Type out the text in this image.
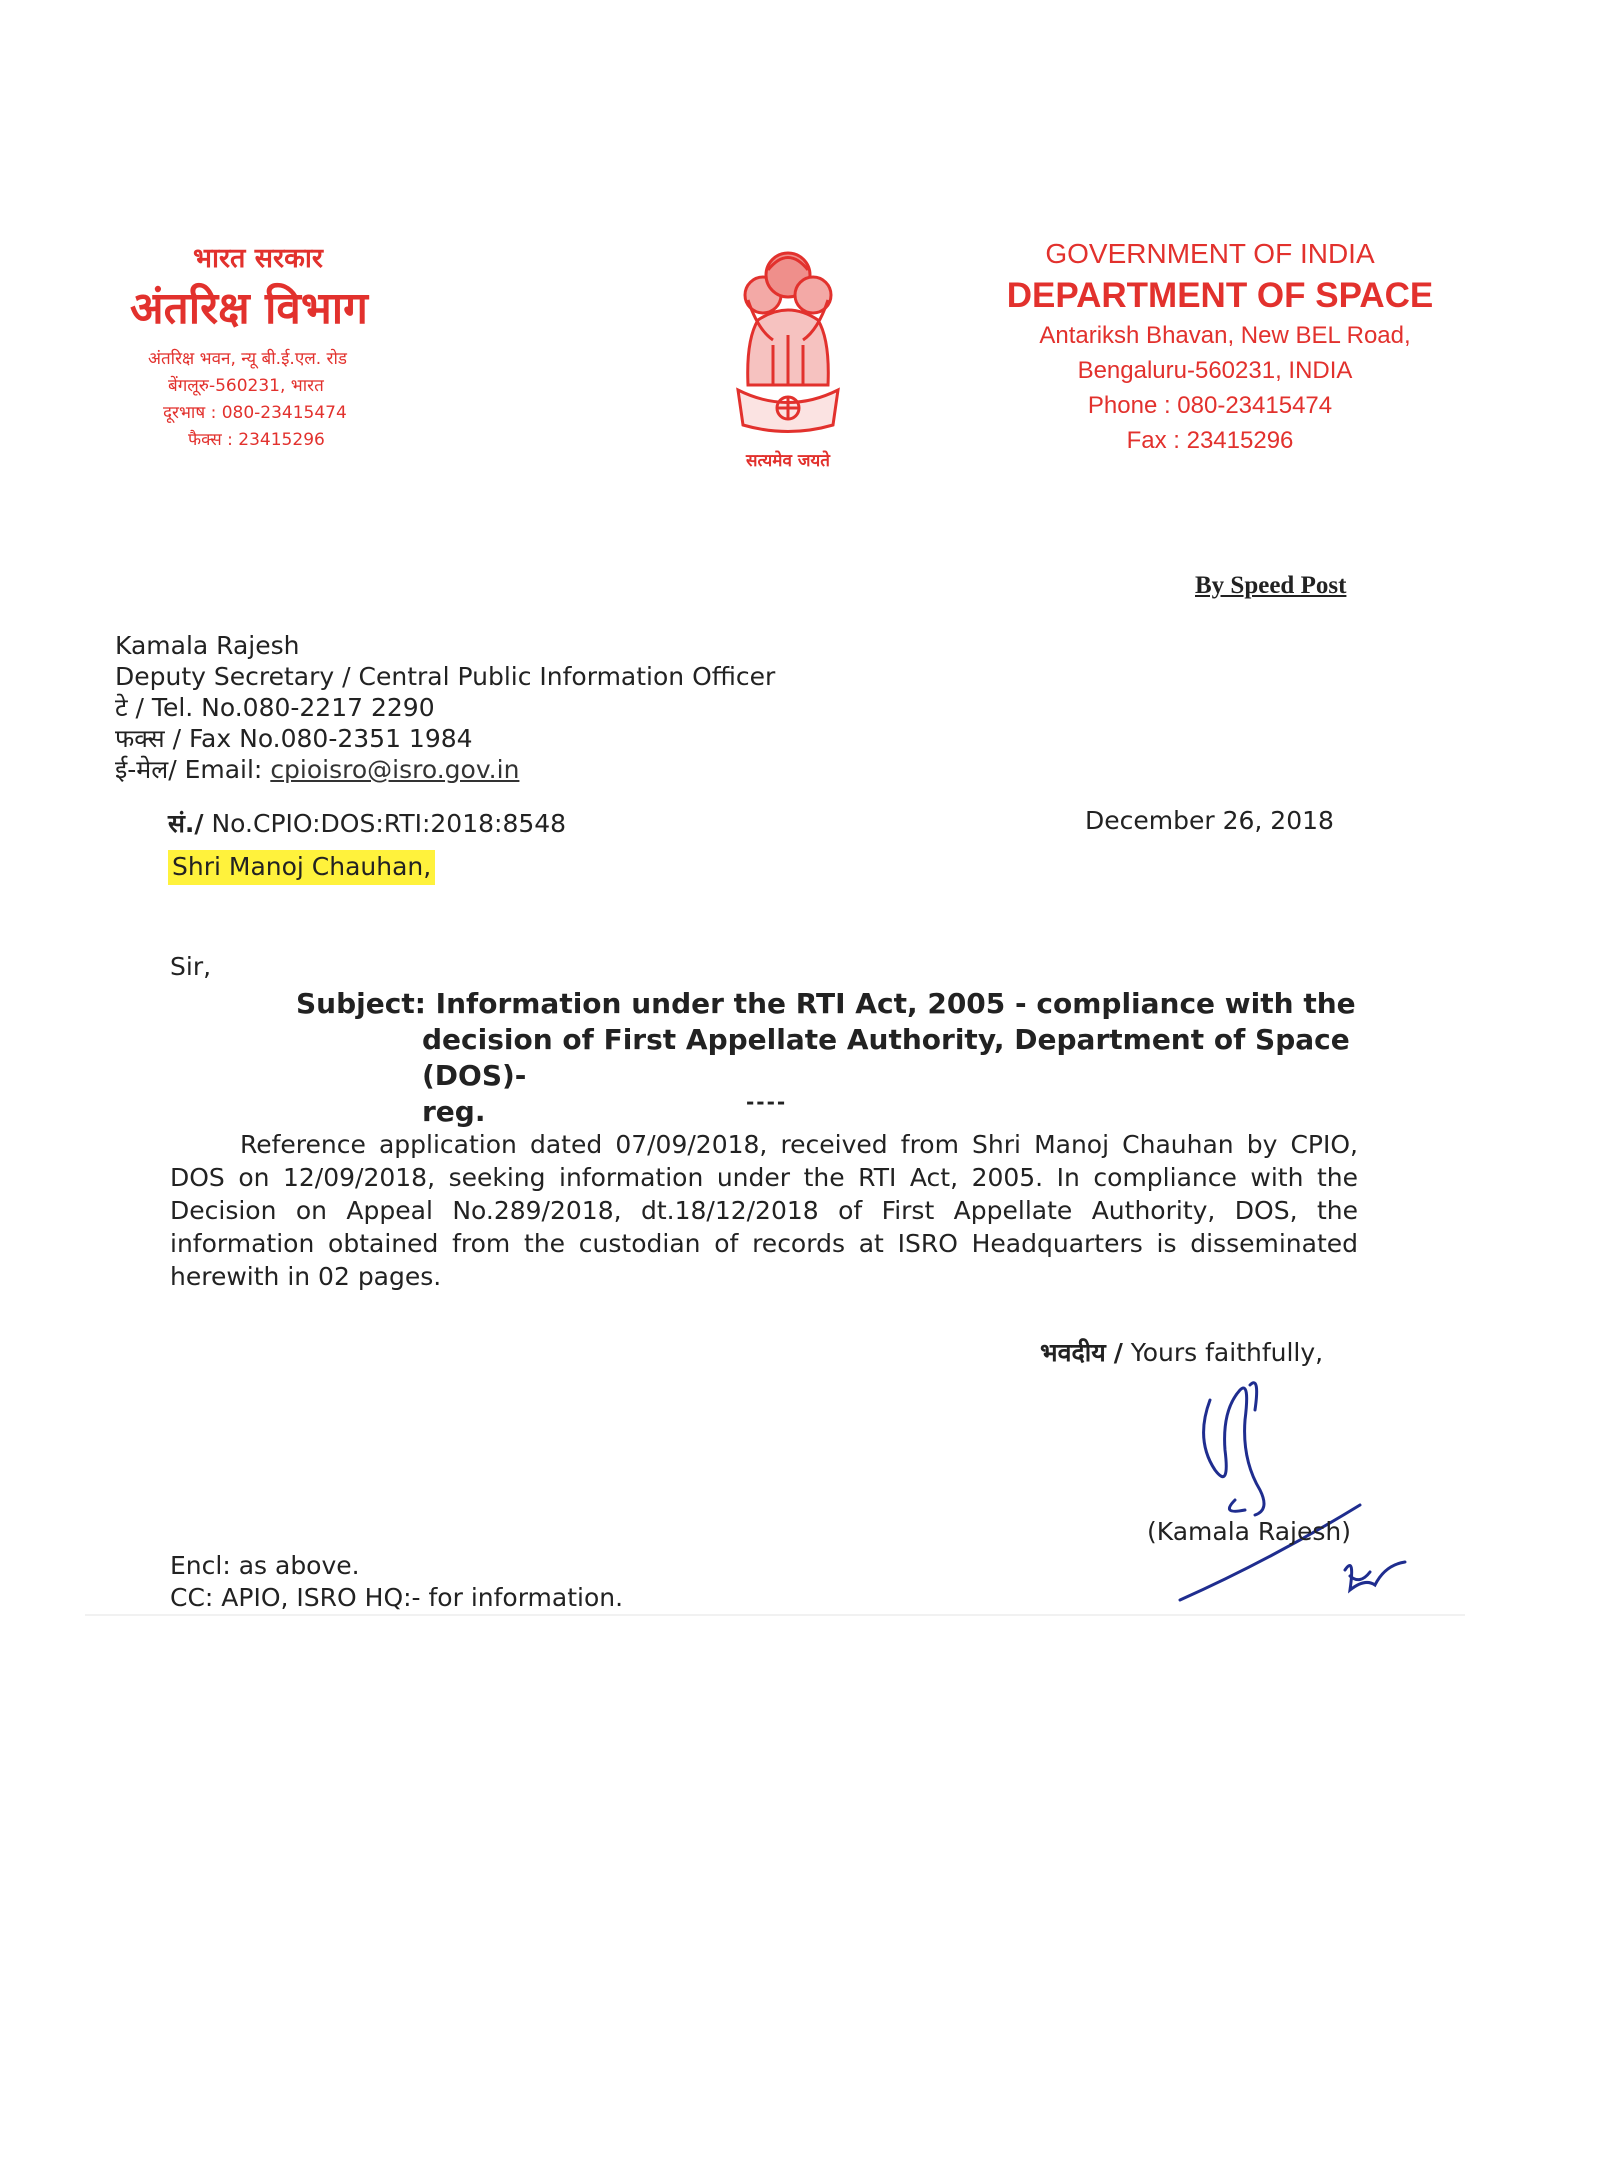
भारत सरकार
अंतरिक्ष विभाग
अंतरिक्ष भवन, न्यू बी.ई.एल. रोड
बेंगलूरु-560231, भारत
दूरभाष : 080-23415474
फैक्स : 23415296
सत्यमेव जयते
GOVERNMENT OF INDIA
DEPARTMENT OF SPACE
Antariksh Bhavan, New BEL Road,
Bengaluru-560231, INDIA
Phone : 080-23415474
Fax : 23415296
By Speed Post
Kamala Rajesh
Deputy Secretary / Central Public Information Officer
टे / Tel. No.080-2217 2290
फक्स / Fax No.080-2351 1984
ई-मेल/ Email: cpioisro@isro.gov.in
सं./ No.CPIO:DOS:RTI:2018:8548	December 26, 2018
Shri Manoj Chauhan,
Sir,
Subject: Information under the RTI Act, 2005 - compliance with the
decision of First Appellate Authority, Department of Space (DOS)-
reg.	----
Reference application dated 07/09/2018, received from Shri Manoj Chauhan by CPIO, DOS on 12/09/2018, seeking information under the RTI Act, 2005. In compliance with the Decision on Appeal No.289/2018, dt.18/12/2018 of First Appellate Authority, DOS, the information obtained from the custodian of records at ISRO Headquarters is disseminated herewith in 02 pages.
भवदीय / Yours faithfully,
(Kamala Rajesh)
Encl: as above.
CC: APIO, ISRO HQ:- for information.
